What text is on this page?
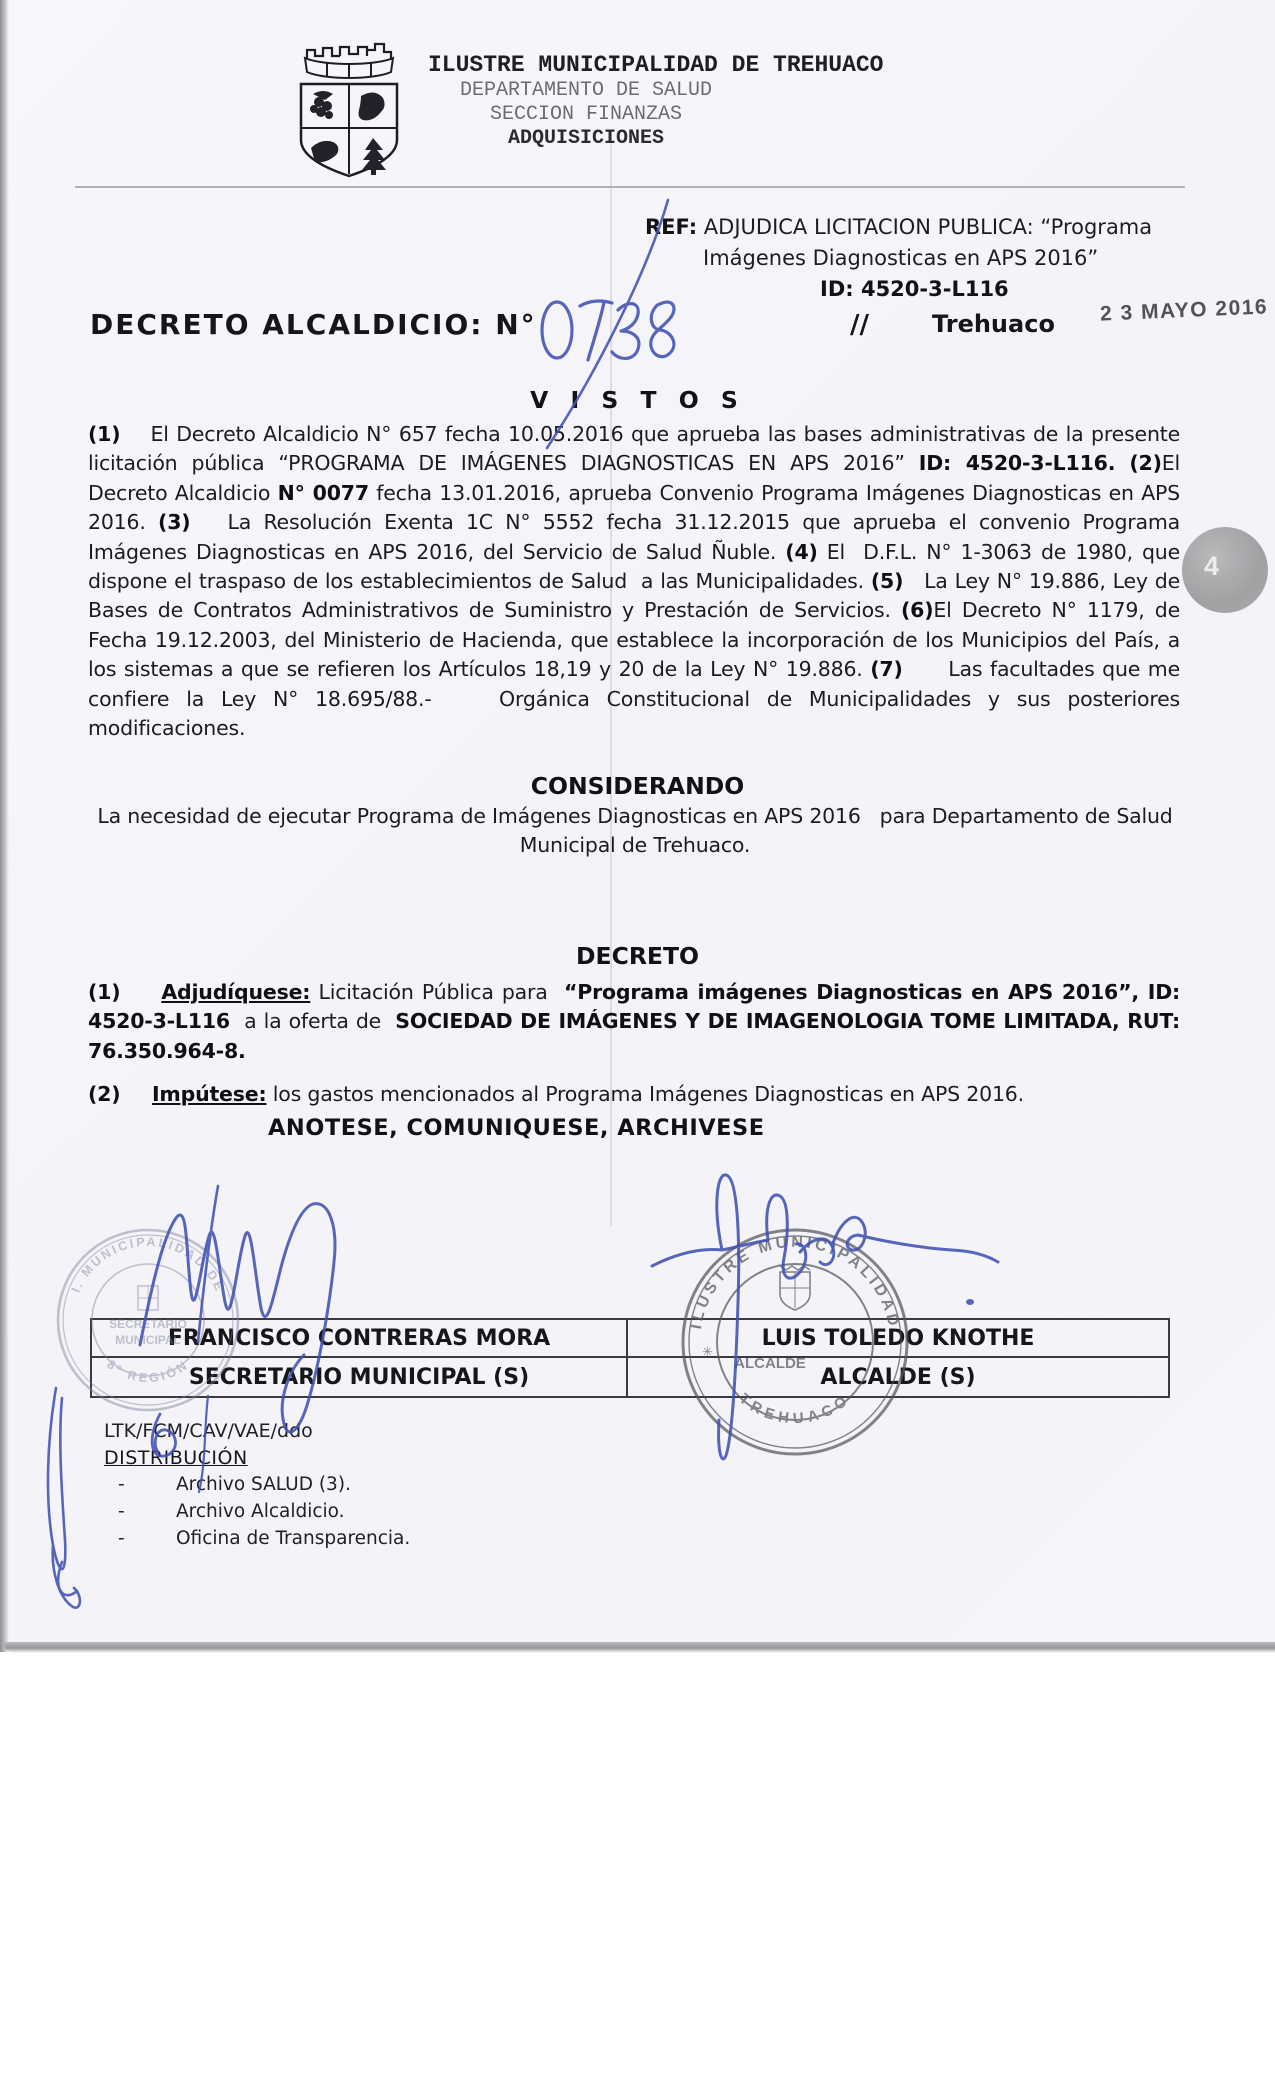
ILUSTRE MUNICIPALIDAD DE TREHUACO
DEPARTAMENTO DE SALUD
SECCION FINANZAS
ADQUISICIONES
REF: ADJUDICA LICITACION PUBLICA: “Programa
Imágenes Diagnosticas en APS 2016”
ID: 4520-3-L116
DECRETO ALCALDICIO: N°	//	Trehuaco 2 3 MAYO 2016
V I S T O S
(1)    El Decreto Alcaldicio N° 657 fecha 10.05.2016 que aprueba las bases administrativas de la presente licitación pública “PROGRAMA DE IMÁGENES DIAGNOSTICAS EN APS 2016” ID: 4520-3-L116. (2)El Decreto Alcaldicio N° 0077 fecha 13.01.2016, aprueba Convenio Programa Imágenes Diagnosticas en APS 2016. (3)   La Resolución Exenta 1C N° 5552 fecha 31.12.2015 que aprueba el convenio Programa Imágenes Diagnosticas en APS 2016, del Servicio de Salud Ñuble. (4) El  D.F.L. N° 1-3063 de 1980, que dispone el traspaso de los establecimientos de Salud  a las Municipalidades. (5)   La Ley N° 19.886, Ley de Bases de Contratos Administrativos de Suministro y Prestación de Servicios. (6)El Decreto N° 1179, de Fecha 19.12.2003, del Ministerio de Hacienda, que establece la incorporación de los Municipios del País, a los sistemas a que se refieren los Artículos 18,19 y 20 de la Ley N° 19.886. (7)      Las facultades que me confiere la Ley N° 18.695/88.-    Orgánica Constitucional de Municipalidades y sus posteriores modificaciones.
CONSIDERANDO
La necesidad de ejecutar Programa de Imágenes Diagnosticas en APS 2016   para Departamento de Salud Municipal de Trehuaco.
DECRETO
(1) Adjudíquese: Licitación Pública para  “Programa imágenes Diagnosticas en APS 2016”, ID: 4520-3-L116  a la oferta de  SOCIEDAD DE IMÁGENES Y DE IMAGENOLOGIA TOME LIMITADA, RUT: 76.350.964-8.
(2) Impútese: los gastos mencionados al Programa Imágenes Diagnosticas en APS 2016.
ANOTESE, COMUNIQUESE, ARCHIVESE
FRANCISCO CONTRERAS MORA	LUIS TOLEDO KNOTHE
SECRETARIO MUNICIPAL (S)	ALCALDE (S)
LTK/FCM/CAV/VAE/ddo
DISTRIBUCIÓN
-	Archivo SALUD (3).
-	Archivo Alcaldicio.
-	Oficina de Transparencia.
I. MUNICIPALIDAD DE
8ª REGIÓN
SECRETARIO
MUNICIPAL
ILUSTRE MUNICIPALIDAD
TREHUACO
ALCALDE
✳
4
